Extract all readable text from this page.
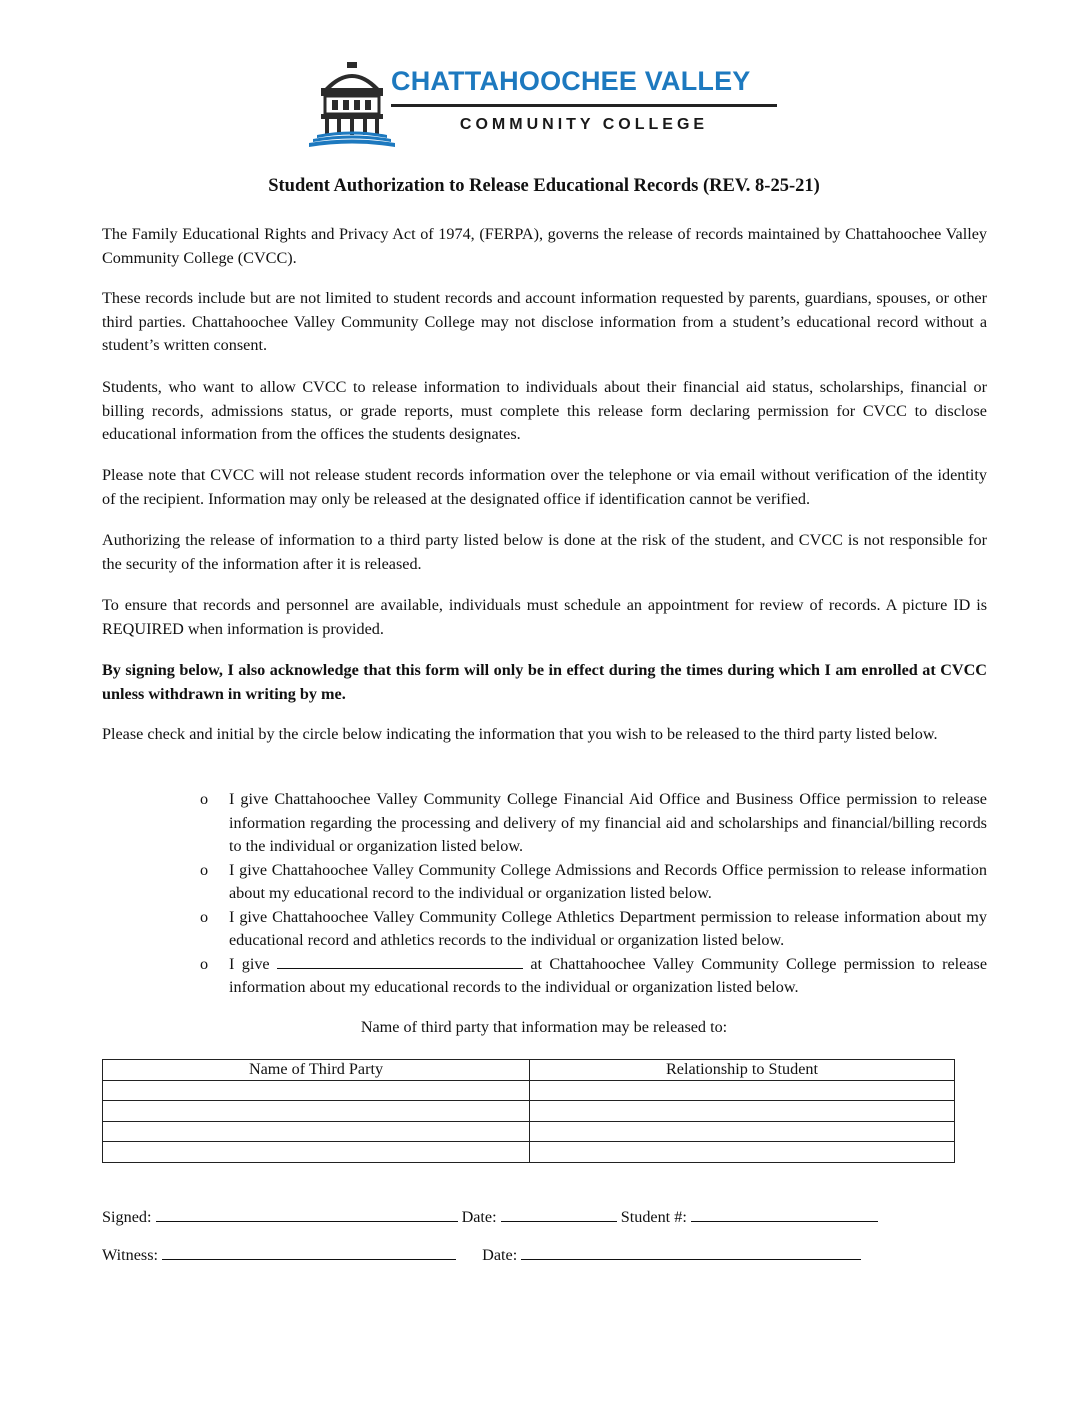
CHATTAHOOCHEE VALLEY
COMMUNITY COLLEGE
Student Authorization to Release Educational Records (REV. 8-25-21)

The Family Educational Rights and Privacy Act of 1974, (FERPA), governs the release of records maintained by Chattahoochee Valley Community College (CVCC).

These records include but are not limited to student records and account information requested by parents, guardians, spouses, or other third parties. Chattahoochee Valley Community College may not disclose information from a student’s educational record without a student’s written consent.

Students, who want to allow CVCC to release information to individuals about their financial aid status, scholarships, financial or billing records, admissions status, or grade reports, must complete this release form declaring permission for CVCC to disclose educational information from the offices the students designates.

Please note that CVCC will not release student records information over the telephone or via email without verification of the identity of the recipient. Information may only be released at the designated office if identification cannot be verified.

Authorizing the release of information to a third party listed below is done at the risk of the student, and CVCC is not responsible for the security of the information after it is released.

To ensure that records and personnel are available, individuals must schedule an appointment for review of records. A picture ID is REQUIRED when information is provided.

By signing below, I also acknowledge that this form will only be in effect during the times during which I am enrolled at CVCC unless withdrawn in writing by me.

Please check and initial by the circle below indicating the information that you wish to be released to the third party listed below.

o I give Chattahoochee Valley Community College Financial Aid Office and Business Office permission to release information regarding the processing and delivery of my financial aid and scholarships and financial/billing records to the individual or organization listed below.
o I give Chattahoochee Valley Community College Admissions and Records Office permission to release information about my educational record to the individual or organization listed below.
o I give Chattahoochee Valley Community College Athletics Department permission to release information about my educational record and athletics records to the individual or organization listed below.
o I give	at Chattahoochee Valley Community College permission to release information about my educational records to the individual or organization listed below.
Name of third party that information may be released to:
Name of Third Party	Relationship to Student

Signed:	Date:	Student #:
Witness:	Date:
